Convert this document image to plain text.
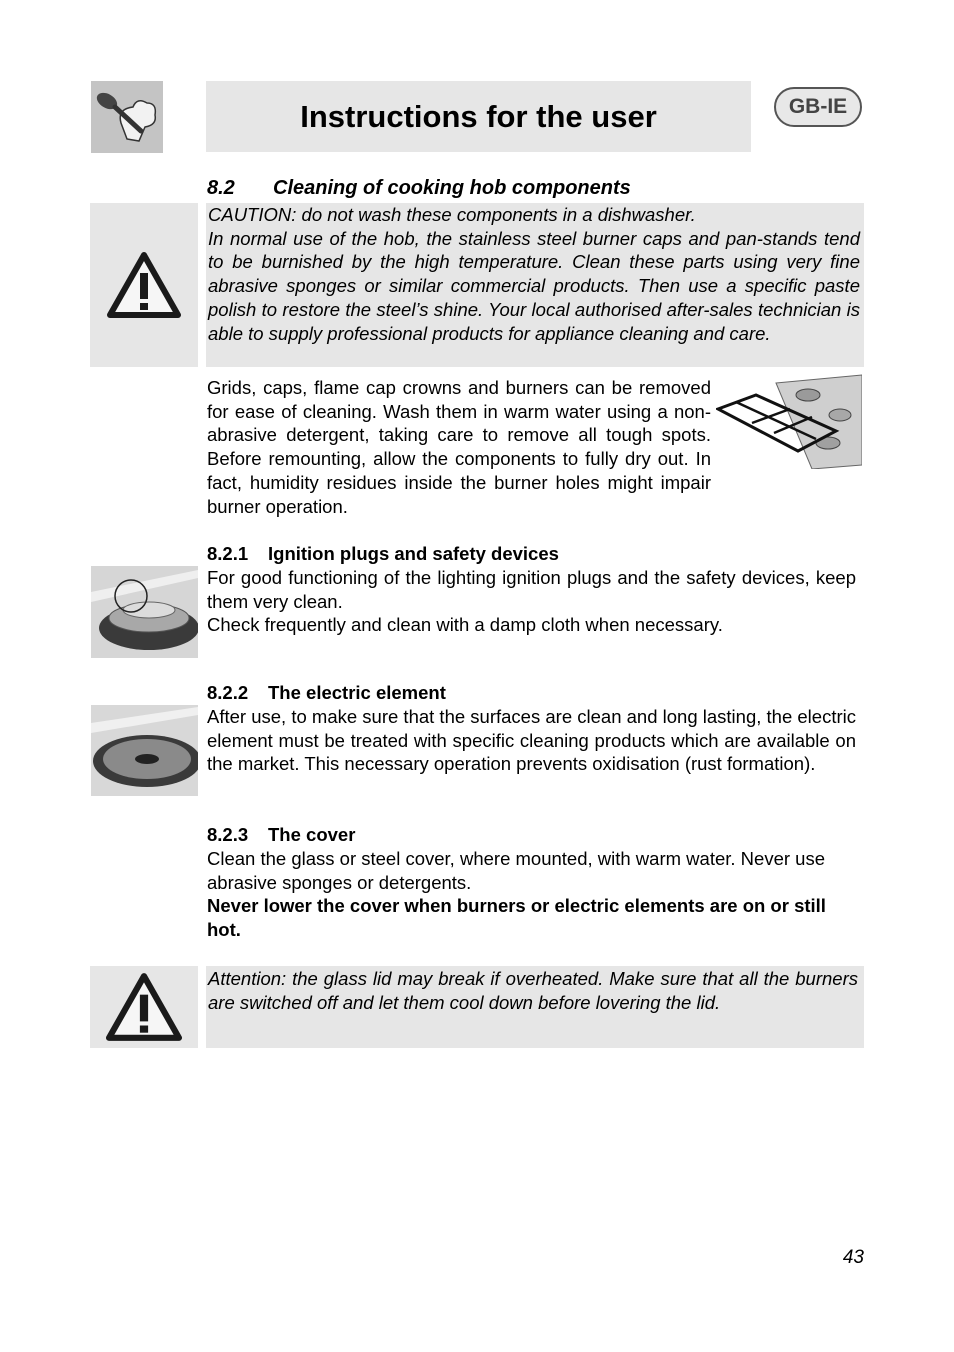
Instructions for the user	GB-IE
8.2 Cleaning of cooking hob components

CAUTION: do not wash these components in a dishwasher.

In normal use of the hob, the stainless steel burner caps and pan-stands tend to be burnished by the high temperature. Clean these parts using very fine abrasive sponges or similar commercial products. Then use a specific paste polish to restore the steel’s shine. Your local authorised after-sales technician is able to supply professional products for appliance cleaning and care.

Grids, caps, flame cap crowns and burners can be removed for ease of cleaning. Wash them in warm water using a non-abrasive detergent, taking care to remove all tough spots. Before remounting, allow the components to fully dry out. In fact, humidity residues inside the burner holes might impair burner operation.

8.2.1 Ignition plugs and safety devices

For good functioning of the lighting ignition plugs and the safety devices, keep them very clean.

Check frequently and clean with a damp cloth when necessary.

8.2.2 The electric element

After use, to make sure that the surfaces are clean and long lasting, the electric element must be treated with specific cleaning products which are available on the market. This necessary operation prevents oxidisation (rust formation).

8.2.3 The cover

Clean the glass or steel cover, where mounted, with warm water. Never use abrasive sponges or detergents.

Never lower the cover when burners or electric elements are on or still hot.

Attention: the glass lid may break if overheated. Make sure that all the burners are switched off and let them cool down before lovering the lid.

43
